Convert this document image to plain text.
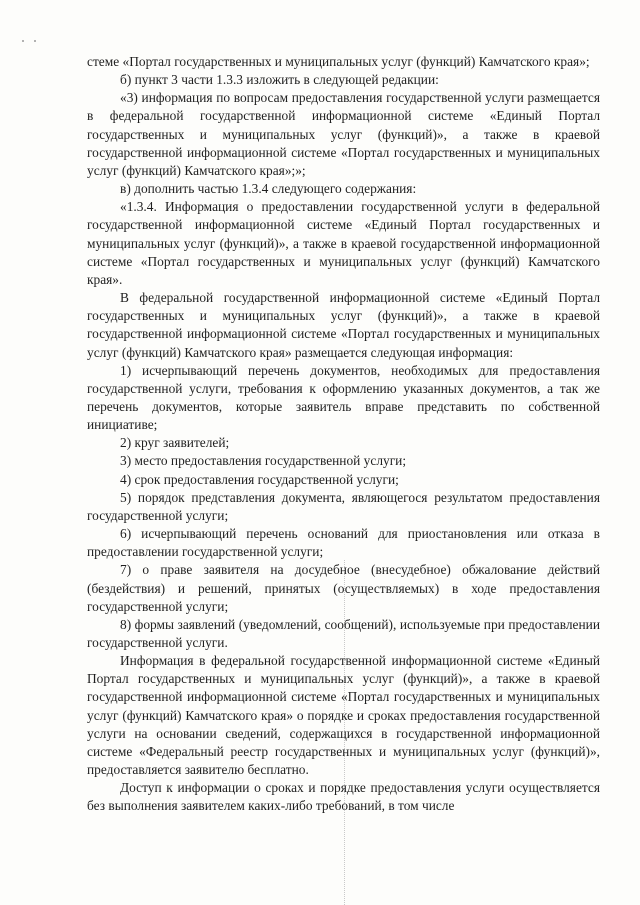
стеме «Портал государственных и муниципальных услуг (функций) Камчатского края»;

б) пункт 3 части 1.3.3 изложить в следующей редакции:

«3) информация по вопросам предоставления государственной услуги размещается в федеральной государственной информационной системе «Единый Портал государственных и муниципальных услуг (функций)», а также в краевой государственной информационной системе «Портал государственных и муниципальных услуг (функций) Камчатского края»;»;

в) дополнить частью 1.3.4 следующего содержания:

«1.3.4. Информация о предоставлении государственной услуги в федеральной государственной информационной системе «Единый Портал государственных и муниципальных услуг (функций)», а также в краевой государственной информационной системе «Портал государственных и муниципальных услуг (функций) Камчатского края».

В федеральной государственной информационной системе «Единый Портал государственных и муниципальных услуг (функций)», а также в краевой государственной информационной системе «Портал государственных и муниципальных услуг (функций) Камчатского края» размещается следующая информация:

1) исчерпывающий перечень документов, необходимых для предоставления государственной услуги, требования к оформлению указанных документов, а так же перечень документов, которые заявитель вправе представить по собственной инициативе;

2) круг заявителей;

3) место предоставления государственной услуги;

4) срок предоставления государственной услуги;

5) порядок представления документа, являющегося результатом предоставления государственной услуги;

6) исчерпывающий перечень оснований для приостановления или отказа в предоставлении государственной услуги;

7) о праве заявителя на досудебное (внесудебное) обжалование действий (бездействия) и решений, принятых (осуществляемых) в ходе предоставления государственной услуги;

8) формы заявлений (уведомлений, сообщений), используемые при предоставлении государственной услуги.

Информация в федеральной государственной информационной системе «Единый Портал государственных и муниципальных услуг (функций)», а также в краевой государственной информационной системе «Портал государственных и муниципальных услуг (функций) Камчатского края» о порядке и сроках предоставления государственной услуги на основании сведений, содержащихся в государственной информационной системе «Федеральный реестр государственных и муниципальных услуг (функций)», предоставляется заявителю бесплатно.

Доступ к информации о сроках и порядке предоставления услуги осуществляется без выполнения заявителем каких-либо требований, в том числе
